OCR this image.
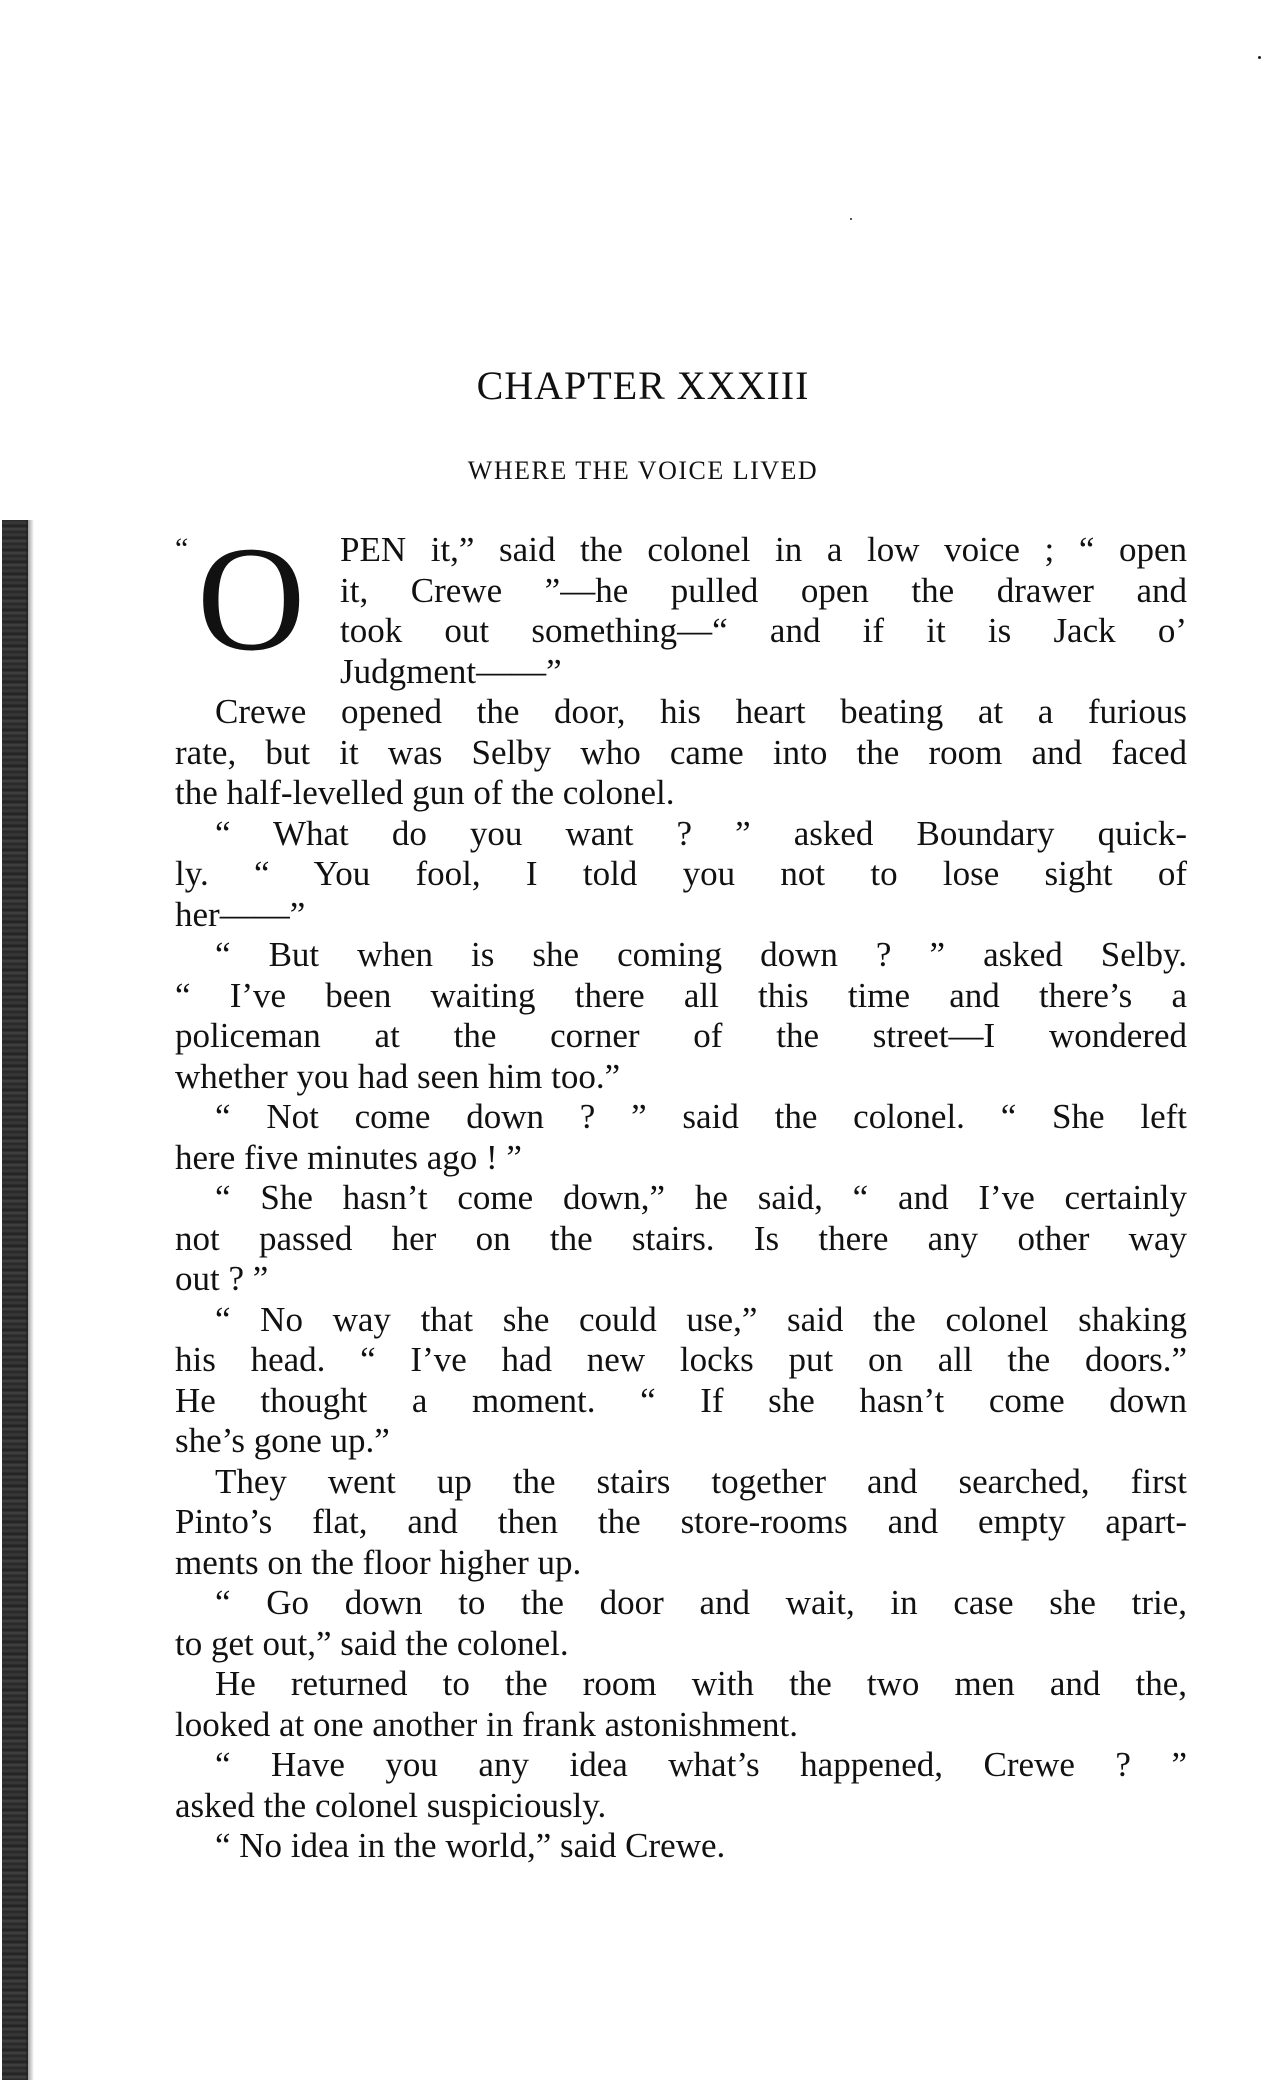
CHAPTER XXXIII
WHERE THE VOICE LIVED
“ O PEN it,” said the colonel in a low voice ; “ open
it, Crewe ”—he pulled open the drawer and
took out something—“ and if it is Jack o’
Judgment——”
Crewe opened the door, his heart beating at a furious
rate, but it was Selby who came into the room and faced
the half-levelled gun of the colonel.
“ What do you want ? ” asked Boundary quick-
ly. “ You fool, I told you not to lose sight of
her——”
“ But when is she coming down ? ” asked Selby.
“ I’ve been waiting there all this time and there’s a
policeman at the corner of the street—I wondered
whether you had seen him too.”
“ Not come down ? ” said the colonel. “ She left
here five minutes ago ! ”
“ She hasn’t come down,” he said, “ and I’ve certainly
not passed her on the stairs. Is there any other way
out ? ”
“ No way that she could use,” said the colonel shaking
his head. “ I’ve had new locks put on all the doors.”
He thought a moment. “ If she hasn’t come down
she’s gone up.”
They went up the stairs together and searched, first
Pinto’s flat, and then the store-rooms and empty apart-
ments on the floor higher up.
“ Go down to the door and wait, in case she trie,
to get out,” said the colonel.
He returned to the room with the two men and the,
looked at one another in frank astonishment.
“ Have you any idea what’s happened, Crewe ? ”
asked the colonel suspiciously.
“ No idea in the world,” said Crewe.
